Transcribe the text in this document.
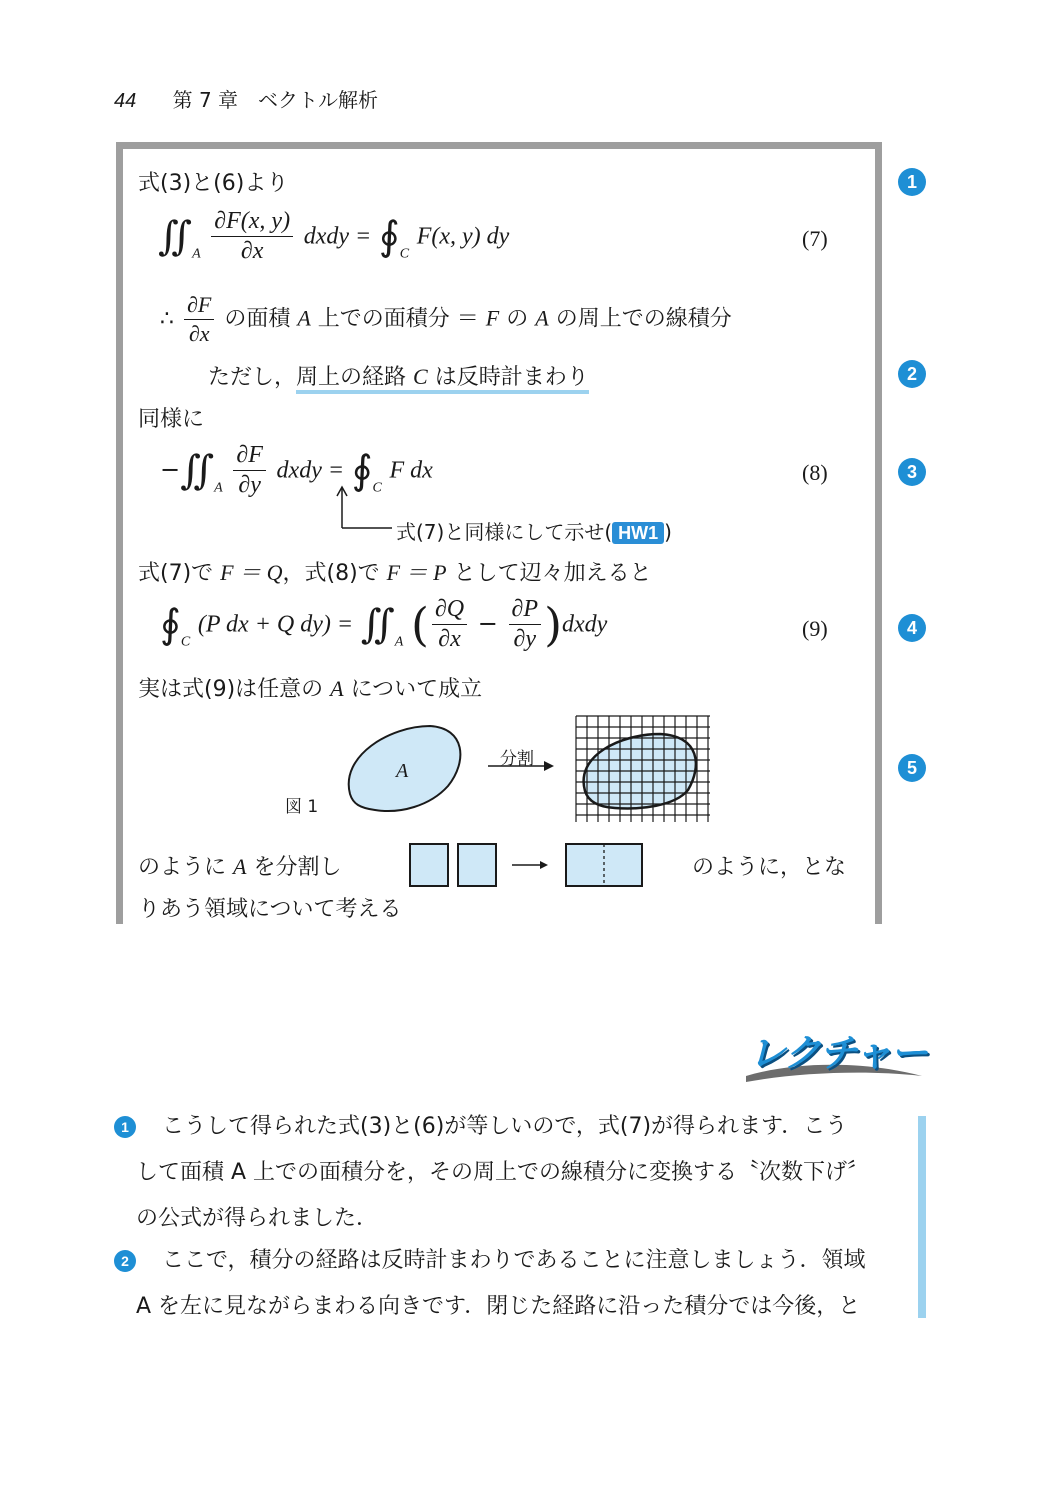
44 第 7 章　ベクトル解析
式(3)と(6)より
$∬_A \frac{\partial F(x, y)}{\partial x}$ dxdy = $∮_C$ F(x, y) dy	(7)
∴ $\frac{\partial F}{\partial x}$ の面積 A 上での面積分 ＝ F の A の周上での線積分
ただし，周上の経路 C は反時計まわり
同様に
$-∬_A \frac{\partial F}{\partial y}$ dxdy = $∮_C$ F dx	(8)
式(7)と同様にして示せ( HW1 )
式(7)で F ＝ Q，式(8)で F ＝ P として辺々加えると
$∮_C$ (P dx + Q $dy) = ∬_A$ ( $\frac{\partial Q}{\partial x} - \frac{\partial P}{\partial y}$ )dxdy	(9)
実は式(9)は任意の A について成立
A
分割
図 1
のように A を分割し	のように，とな
りあう領域について考える
1
2
3
4
5
レクチャー
1	こうして得られた式(3)と(6)が等しいので，式(7)が得られます．こう
して面積 A 上での面積分を，その周上での線積分に変換する〝次数下げ〞
の公式が得られました．
2	ここで，積分の経路は反時計まわりであることに注意しましょう．領域
A を左に見ながらまわる向きです．閉じた経路に沿った積分では今後，と
